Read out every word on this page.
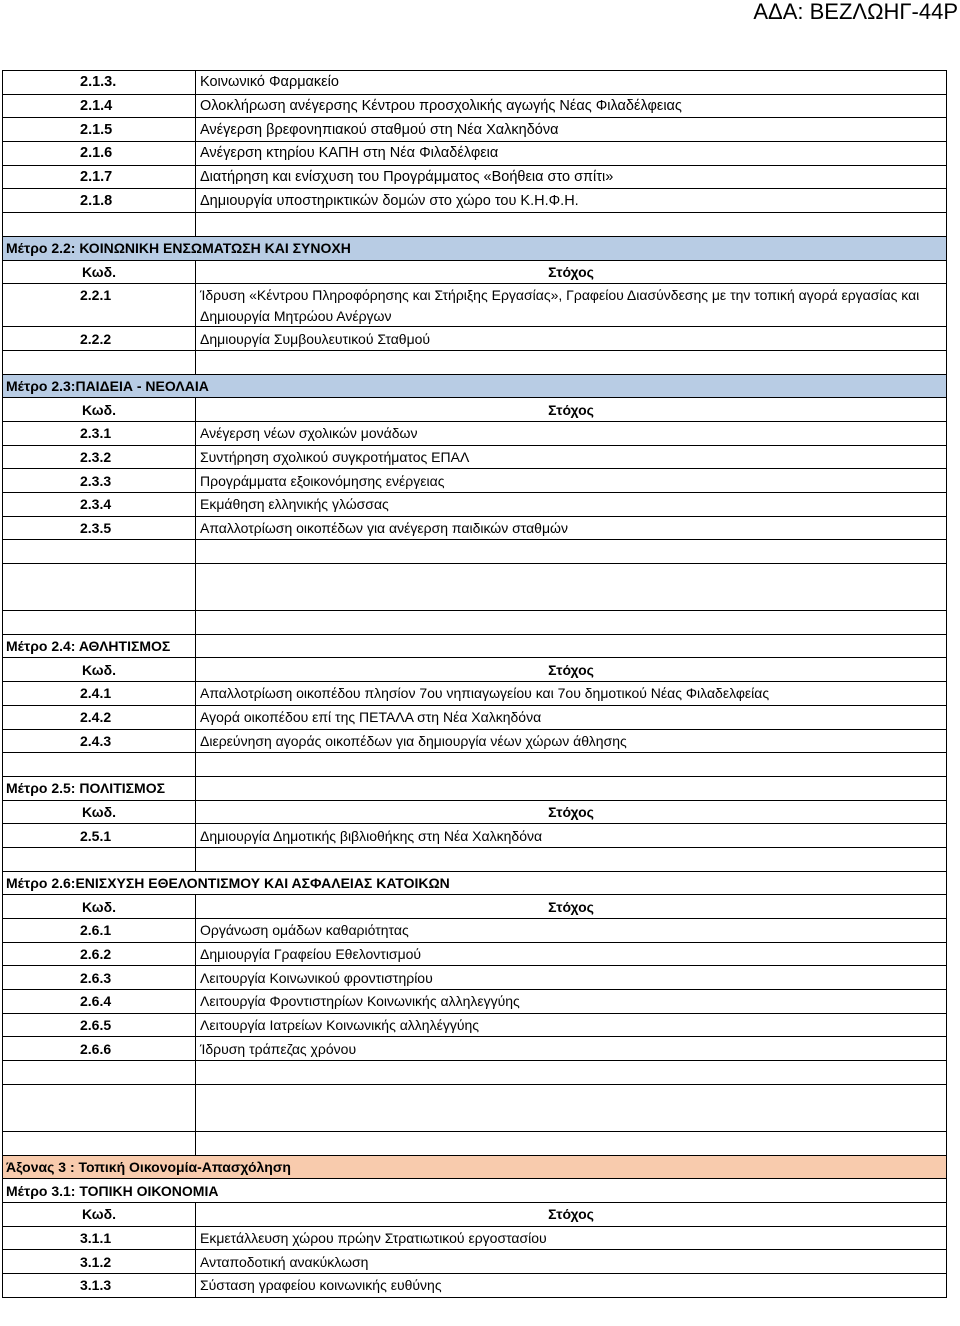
ΑΔΑ: ΒΕΖΛΩΗΓ-44Ρ
2.1.3.	Κοινωνικό Φαρμακείο
2.1.4	Ολοκλήρωση ανέγερσης Κέντρου προσχολικής αγωγής Νέας Φιλαδέλφειας
2.1.5	Ανέγερση βρεφονηπιακού σταθμού στη Νέα Χαλκηδόνα
2.1.6	Ανέγερση κτηρίου ΚΑΠΗ στη Νέα Φιλαδέλφεια
2.1.7	Διατήρηση και ενίσχυση του Προγράμματος «Βοήθεια στο σπίτι»
2.1.8	Δημιουργία υποστηρικτικών δομών στο χώρο του Κ.Η.Φ.Η.
Μέτρο 2.2: ΚΟΙΝΩΝΙΚΗ ΕΝΣΩΜΑΤΩΣΗ ΚΑΙ ΣΥΝΟΧΗ
Κωδ.	Στόχος
2.2.1	Ίδρυση «Κέντρου Πληροφόρησης και Στήριξης Εργασίας», Γραφείου Διασύνδεσης με την τοπική αγορά εργασίας και Δημιουργία Μητρώου Ανέργων
2.2.2	Δημιουργία Συμβουλευτικού Σταθμού
Μέτρο 2.3:ΠΑΙΔΕΙΑ - ΝΕΟΛΑΙΑ
Κωδ.	Στόχος
2.3.1	Ανέγερση νέων σχολικών μονάδων
2.3.2	Συντήρηση σχολικού συγκροτήματος ΕΠΑΛ
2.3.3	Προγράμματα εξοικονόμησης ενέργειας
2.3.4	Εκμάθηση ελληνικής γλώσσας
2.3.5	Απαλλοτρίωση οικοπέδων για ανέγερση παιδικών σταθμών
Μέτρο 2.4: ΑΘΛΗΤΙΣΜΟΣ
Κωδ.	Στόχος
2.4.1	Απαλλοτρίωση οικοπέδου πλησίον 7ου νηπιαγωγείου και 7ου δημοτικού Νέας Φιλαδελφείας
2.4.2	Αγορά οικοπέδου επί της ΠΕΤΑΛΑ στη Νέα Χαλκηδόνα
2.4.3	Διερεύνηση αγοράς οικοπέδων για δημιουργία νέων χώρων άθλησης
Μέτρο 2.5: ΠΟΛΙΤΙΣΜΟΣ
Κωδ.	Στόχος
2.5.1	Δημιουργία Δημοτικής βιβλιοθήκης στη Νέα Χαλκηδόνα
Μέτρο 2.6:ΕΝΙΣΧΥΣΗ ΕΘΕΛΟΝΤΙΣΜΟΥ ΚΑΙ ΑΣΦΑΛΕΙΑΣ ΚΑΤΟΙΚΩΝ
Κωδ.	Στόχος
2.6.1	Οργάνωση ομάδων καθαριότητας
2.6.2	Δημιουργία Γραφείου Εθελοντισμού
2.6.3	Λειτουργία Κοινωνικού φροντιστηρίου
2.6.4	Λειτουργία Φροντιστηρίων Κοινωνικής αλληλεγγύης
2.6.5	Λειτουργία Ιατρείων Κοινωνικής αλληλέγγύης
2.6.6	Ίδρυση τράπεζας χρόνου
Άξονας 3 : Τοπική Οικονομία-Απασχόληση
Μέτρο 3.1: ΤΟΠΙΚΗ ΟΙΚΟΝΟΜΙΑ
Κωδ.	Στόχος
3.1.1	Εκμετάλλευση χώρου πρώην Στρατιωτικού εργοστασίου
3.1.2	Ανταποδοτική ανακύκλωση
3.1.3	Σύσταση γραφείου κοινωνικής ευθύνης
